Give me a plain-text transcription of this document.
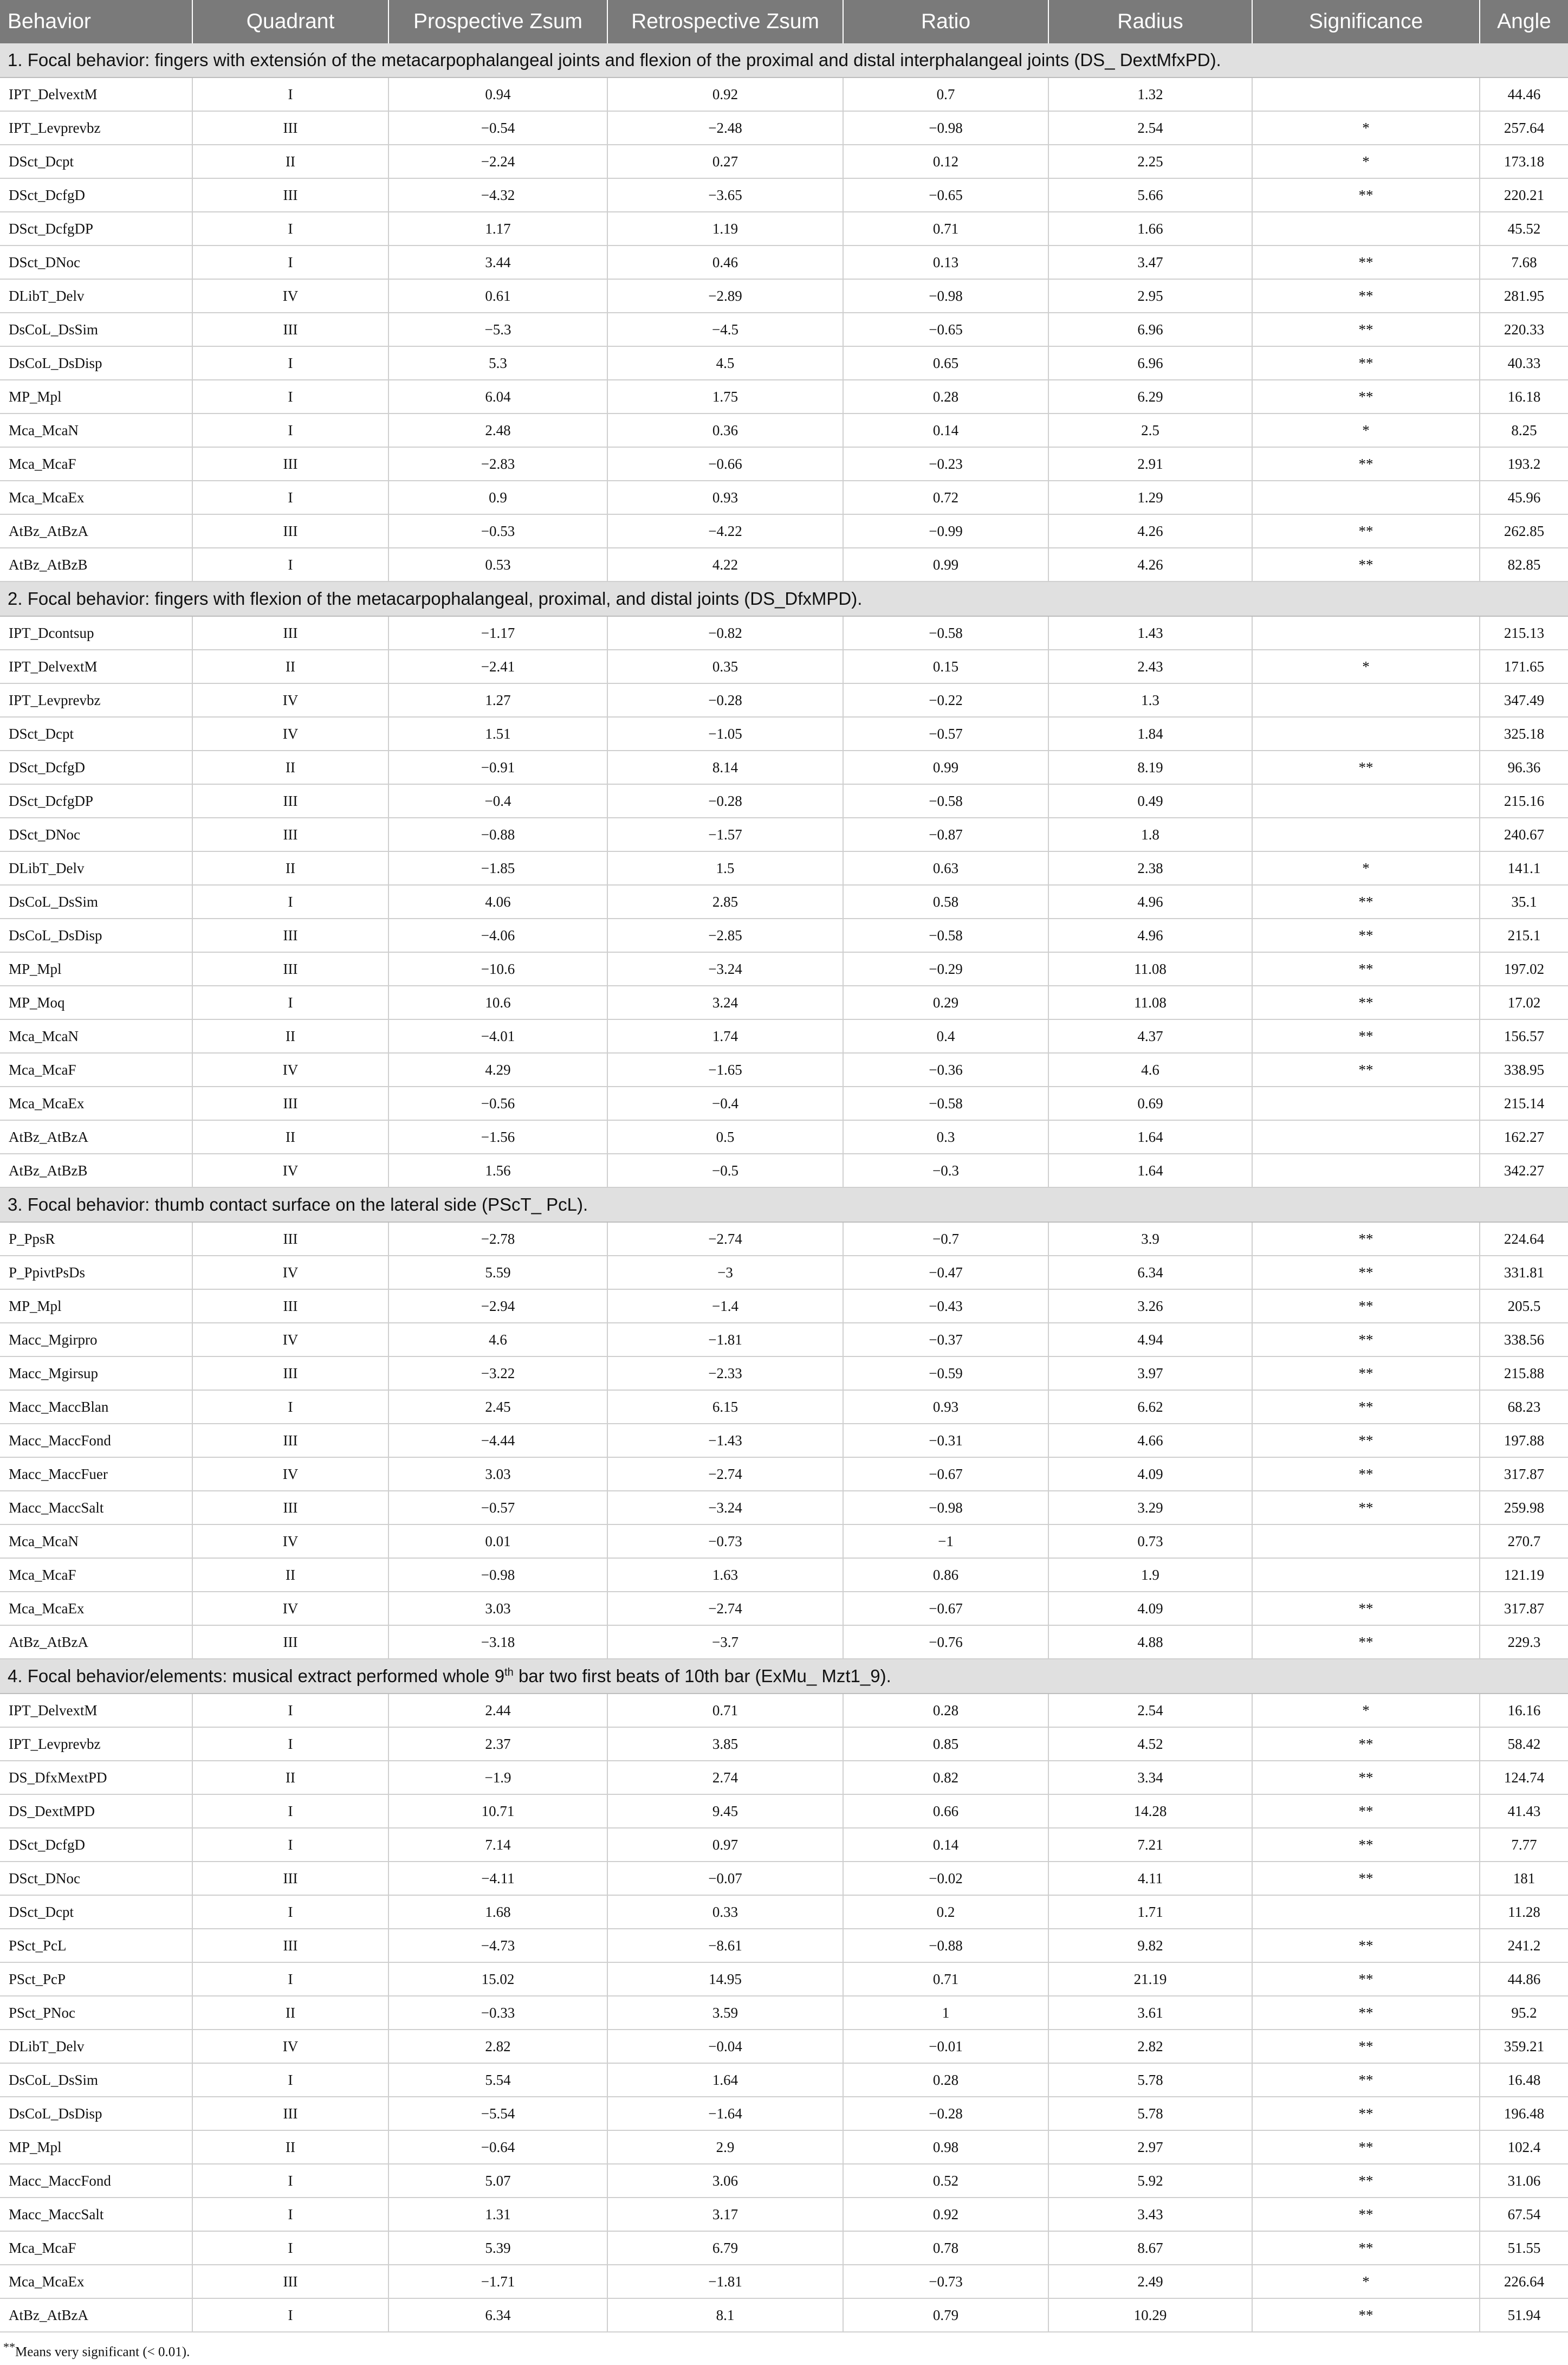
Behavior	Quadrant	Prospective Zsum	Retrospective Zsum	Ratio	Radius	Significance	Angle
1. Focal behavior: fingers with extensión of the metacarpophalangeal joints and flexion of the proximal and distal interphalangeal joints (DS_ DextMfxPD).							
IPT_DelvextM	I	0.94	0.92	0.7	1.32		44.46
IPT_Levprevbz	III	−0.54	−2.48	−0.98	2.54	*	257.64
DSct_Dcpt	II	−2.24	0.27	0.12	2.25	*	173.18
DSct_DcfgD	III	−4.32	−3.65	−0.65	5.66	**	220.21
DSct_DcfgDP	I	1.17	1.19	0.71	1.66		45.52
DSct_DNoc	I	3.44	0.46	0.13	3.47	**	7.68
DLibT_Delv	IV	0.61	−2.89	−0.98	2.95	**	281.95
DsCoL_DsSim	III	−5.3	−4.5	−0.65	6.96	**	220.33
DsCoL_DsDisp	I	5.3	4.5	0.65	6.96	**	40.33
MP_Mpl	I	6.04	1.75	0.28	6.29	**	16.18
Mca_McaN	I	2.48	0.36	0.14	2.5	*	8.25
Mca_McaF	III	−2.83	−0.66	−0.23	2.91	**	193.2
Mca_McaEx	I	0.9	0.93	0.72	1.29		45.96
AtBz_AtBzA	III	−0.53	−4.22	−0.99	4.26	**	262.85
AtBz_AtBzB	I	0.53	4.22	0.99	4.26	**	82.85
2. Focal behavior: fingers with flexion of the metacarpophalangeal, proximal, and distal joints (DS_DfxMPD).							
IPT_Dcontsup	III	−1.17	−0.82	−0.58	1.43		215.13
IPT_DelvextM	II	−2.41	0.35	0.15	2.43	*	171.65
IPT_Levprevbz	IV	1.27	−0.28	−0.22	1.3		347.49
DSct_Dcpt	IV	1.51	−1.05	−0.57	1.84		325.18
DSct_DcfgD	II	−0.91	8.14	0.99	8.19	**	96.36
DSct_DcfgDP	III	−0.4	−0.28	−0.58	0.49		215.16
DSct_DNoc	III	−0.88	−1.57	−0.87	1.8		240.67
DLibT_Delv	II	−1.85	1.5	0.63	2.38	*	141.1
DsCoL_DsSim	I	4.06	2.85	0.58	4.96	**	35.1
DsCoL_DsDisp	III	−4.06	−2.85	−0.58	4.96	**	215.1
MP_Mpl	III	−10.6	−3.24	−0.29	11.08	**	197.02
MP_Moq	I	10.6	3.24	0.29	11.08	**	17.02
Mca_McaN	II	−4.01	1.74	0.4	4.37	**	156.57
Mca_McaF	IV	4.29	−1.65	−0.36	4.6	**	338.95
Mca_McaEx	III	−0.56	−0.4	−0.58	0.69		215.14
AtBz_AtBzA	II	−1.56	0.5	0.3	1.64		162.27
AtBz_AtBzB	IV	1.56	−0.5	−0.3	1.64		342.27
3. Focal behavior: thumb contact surface on the lateral side (PScT_ PcL).							
P_PpsR	III	−2.78	−2.74	−0.7	3.9	**	224.64
P_PpivtPsDs	IV	5.59	−3	−0.47	6.34	**	331.81
MP_Mpl	III	−2.94	−1.4	−0.43	3.26	**	205.5
Macc_Mgirpro	IV	4.6	−1.81	−0.37	4.94	**	338.56
Macc_Mgirsup	III	−3.22	−2.33	−0.59	3.97	**	215.88
Macc_MaccBlan	I	2.45	6.15	0.93	6.62	**	68.23
Macc_MaccFond	III	−4.44	−1.43	−0.31	4.66	**	197.88
Macc_MaccFuer	IV	3.03	−2.74	−0.67	4.09	**	317.87
Macc_MaccSalt	III	−0.57	−3.24	−0.98	3.29	**	259.98
Mca_McaN	IV	0.01	−0.73	−1	0.73		270.7
Mca_McaF	II	−0.98	1.63	0.86	1.9		121.19
Mca_McaEx	IV	3.03	−2.74	−0.67	4.09	**	317.87
AtBz_AtBzA	III	−3.18	−3.7	−0.76	4.88	**	229.3
4. Focal behavior/elements: musical extract performed whole 9th bar two first beats of 10th bar (ExMu_ Mzt1_9).							
IPT_DelvextM	I	2.44	0.71	0.28	2.54	*	16.16
IPT_Levprevbz	I	2.37	3.85	0.85	4.52	**	58.42
DS_DfxMextPD	II	−1.9	2.74	0.82	3.34	**	124.74
DS_DextMPD	I	10.71	9.45	0.66	14.28	**	41.43
DSct_DcfgD	I	7.14	0.97	0.14	7.21	**	7.77
DSct_DNoc	III	−4.11	−0.07	−0.02	4.11	**	181
DSct_Dcpt	I	1.68	0.33	0.2	1.71		11.28
PSct_PcL	III	−4.73	−8.61	−0.88	9.82	**	241.2
PSct_PcP	I	15.02	14.95	0.71	21.19	**	44.86
PSct_PNoc	II	−0.33	3.59	1	3.61	**	95.2
DLibT_Delv	IV	2.82	−0.04	−0.01	2.82	**	359.21
DsCoL_DsSim	I	5.54	1.64	0.28	5.78	**	16.48
DsCoL_DsDisp	III	−5.54	−1.64	−0.28	5.78	**	196.48
MP_Mpl	II	−0.64	2.9	0.98	2.97	**	102.4
Macc_MaccFond	I	5.07	3.06	0.52	5.92	**	31.06
Macc_MaccSalt	I	1.31	3.17	0.92	3.43	**	67.54
Mca_McaF	I	5.39	6.79	0.78	8.67	**	51.55
Mca_McaEx	III	−1.71	−1.81	−0.73	2.49	*	226.64
AtBz_AtBzA	I	6.34	8.1	0.79	10.29	**	51.94
**Means very significant (< 0.01).
